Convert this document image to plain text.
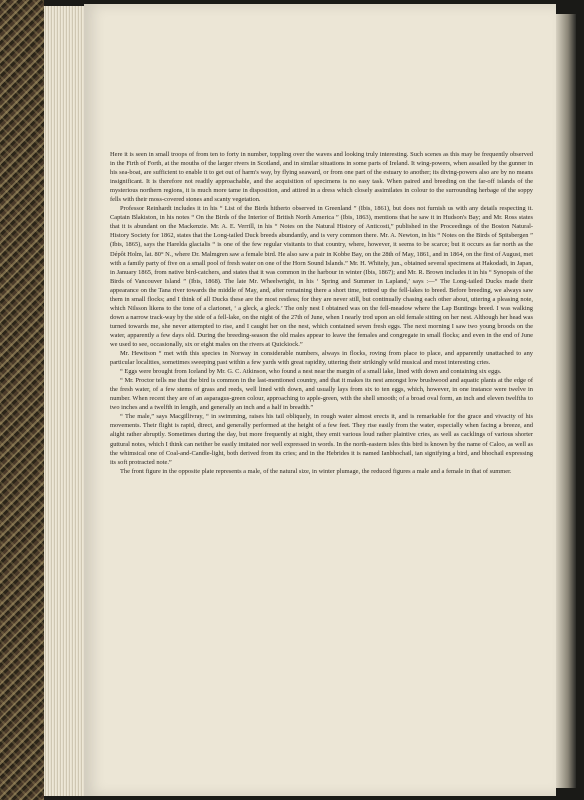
Here it is seen in small troops of from ten to forty in number, toppling over the waves and looking truly interesting. Such scenes as this may be frequently observed in the Firth of Forth, at the mouths of the larger rivers in Scotland, and in similar situations in some parts of Ireland. It wing-powers, when assailed by the gunner in his sea-boat, are sufficient to enable it to get out of harm's way, by flying seaward, or from one part of the estuary to another; its diving-powers also are by no means insignificant. It is therefore not readily approachable, and the acquisition of specimens is no easy task. When paired and breeding on the far-off islands of the mysterious northern regions, it is much more tame in disposition, and attired in a dress which closely assimilates in colour to the surrounding herbage of the soppy fells with their moss-covered stones and scanty vegetation.

Professor Reinhardt includes it in his “ List of the Birds hitherto observed in Greenland ” (Ibis, 1861), but does not furnish us with any details respecting it. Captain Blakiston, in his notes “ On the Birds of the Interior of British North America ” (Ibis, 1863), mentions that he saw it in Hudson's Bay; and Mr. Ross states that it is abundant on the Mackenzie. Mr. A. E. Verrill, in his “ Notes on the Natural History of Anticosti,” published in the Proceedings of the Boston Natural-History Society for 1862, states that the Long-tailed Duck breeds abundantly, and is very common there. Mr. A. Newton, in his “ Notes on the Birds of Spitsbergen ” (Ibis, 1865), says the Harelda glacialis “ is one of the few regular visitants to that country, where, however, it seems to be scarce; but it occurs as far north as the Dépôt Holm, lat. 80° N., where Dr. Malmgren saw a female bird. He also saw a pair in Kobbe Bay, on the 28th of May, 1861, and in 1864, on the first of August, met with a family party of five on a small pool of fresh water on one of the Horn Sound Islands.” Mr. H. Whitely, jun., obtained several specimens at Hakodadi, in Japan, in January 1865, from native bird-catchers, and states that it was common in the harbour in winter (Ibis, 1867); and Mr. R. Brown includes it in his “ Synopsis of the Birds of Vancouver Island ” (Ibis, 1868). The late Mr. Wheelwright, in his ‘ Spring and Summer in Lapland,’ says :—“ The Long-tailed Ducks made their appearance on the Tana river towards the middle of May, and, after remaining there a short time, retired up the fell-lakes to breed. Before breeding, we always saw them in small flocks; and I think of all Ducks these are the most restless; for they are never still, but continually chasing each other about, uttering a pleasing note, which Nilsson likens to the tone of a clarionet, ‘ a gleck, a gleck.’ The only nest I obtained was on the fell-meadow where the Lap Buntings breed. I was walking down a narrow track-way by the side of a fell-lake, on the night of the 27th of June, when I nearly trod upon an old female sitting on her nest. Although her head was turned towards me, she never attempted to rise, and I caught her on the nest, which contained seven fresh eggs. The next morning I saw two young broods on the water, apparently a few days old. During the breeding-season the old males appear to leave the females and congregate in small flocks; and even in the end of June we used to see, occasionally, six or eight males on the rivers at Quickiock.”

Mr. Hewitson “ met with this species in Norway in considerable numbers, always in flocks, roving from place to place, and apparently unattached to any particular localities, sometimes sweeping past within a few yards with great rapidity, uttering their strikingly wild musical and most interesting cries.

“ Eggs were brought from Iceland by Mr. G. C. Atkinson, who found a nest near the margin of a small lake, lined with down and containing six eggs.

“ Mr. Proctor tells me that the bird is common in the last-mentioned country, and that it makes its nest amongst low brushwood and aquatic plants at the edge of the fresh water, of a few stems of grass and reeds, well lined with down, and usually lays from six to ten eggs, which, however, in one instance were twelve in number. When recent they are of an asparagus-green colour, approaching to apple-green, with the shell smooth; of a broad oval form, an inch and eleven twelfths to two inches and a twelfth in length, and generally an inch and a half in breadth.”

“ The male,” says Macgillivray, “ in swimming, raises his tail obliquely, in rough water almost erects it, and is remarkable for the grace and vivacity of his movements. Their flight is rapid, direct, and generally performed at the height of a few feet. They rise easily from the water, especially when facing a breeze, and alight rather abruptly. Sometimes during the day, but more frequently at night, they emit various loud rather plaintive cries, as well as cacklings of various shorter guttural notes, which I think can neither be easily imitated nor well expressed in words. In the north-eastern isles this bird is known by the name of Caloo, as well as the whimsical one of Coal-and-Candle-light, both derived from its cries; and in the Hebrides it is named Ianbhochail, ian signifying a bird, and bhochail expressing its soft protracted note.”

The front figure in the opposite plate represents a male, of the natural size, in winter plumage, the reduced figures a male and a female in that of summer.
